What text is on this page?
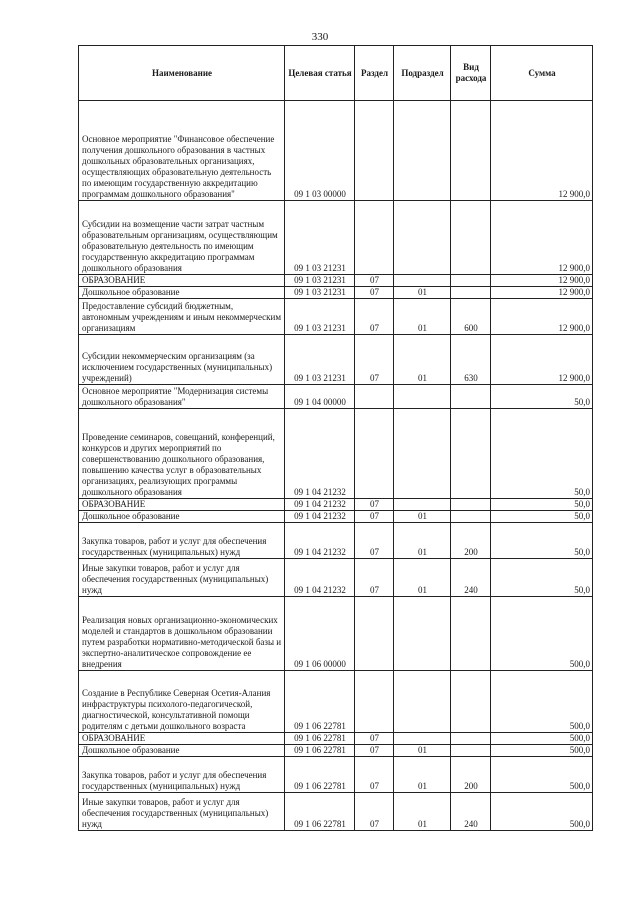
330
Наименование	Целевая статья	Раздел	Подраздел	Вид расхода	Сумма

Основное мероприятие "Финансовое обеспечение получения дошкольного образования в частных дошкольных образовательных организациях, осуществляющих образовательную деятельность по имеющим государственную аккредитацию программам дошкольного образования"	09 1 03 00000				12 900,0

Субсидии на возмещение части затрат частным образовательным организациям, осуществляющим образовательную деятельность по имеющим государственную аккредитацию программам дошкольного образования	09 1 03 21231				12 900,0

ОБРАЗОВАНИЕ	09 1 03 21231	07			12 900,0

Дошкольное образование	09 1 03 21231	07	01		12 900,0

Предоставление субсидий бюджетным, автономным учреждениям и иным некоммерческим организациям	09 1 03 21231	07	01	600	12 900,0

Субсидии некоммерческим организациям (за исключением государственных (муниципальных) учреждений)	09 1 03 21231	07	01	630	12 900,0

Основное мероприятие "Модернизация системы дошкольного образования"	09 1 04 00000				50,0

Проведение семинаров, совещаний, конференций, конкурсов и других мероприятий по совершенствованию дошкольного образования, повышению качества услуг в образовательных организациях, реализующих программы дошкольного образования	09 1 04 21232				50,0

ОБРАЗОВАНИЕ	09 1 04 21232	07			50,0

Дошкольное образование	09 1 04 21232	07	01		50,0

Закупка товаров, работ и услуг для обеспечения государственных (муниципальных) нужд	09 1 04 21232	07	01	200	50,0

Иные закупки товаров, работ и услуг для обеспечения государственных (муниципальных) нужд	09 1 04 21232	07	01	240	50,0

Реализация новых организационно-экономических моделей и стандартов в дошкольном образовании путем разработки нормативно-методической базы и экспертно-аналитическое сопровождение ее внедрения	09 1 06 00000				500,0

Создание в Республике Северная Осетия-Алания инфраструктуры психолого-педагогической, диагностической, консультативной помощи родителям с детьми дошкольного возраста	09 1 06 22781				500,0

ОБРАЗОВАНИЕ	09 1 06 22781	07			500,0

Дошкольное образование	09 1 06 22781	07	01		500,0

Закупка товаров, работ и услуг для обеспечения государственных (муниципальных) нужд	09 1 06 22781	07	01	200	500,0

Иные закупки товаров, работ и услуг для обеспечения государственных (муниципальных) нужд	09 1 06 22781	07	01	240	500,0
